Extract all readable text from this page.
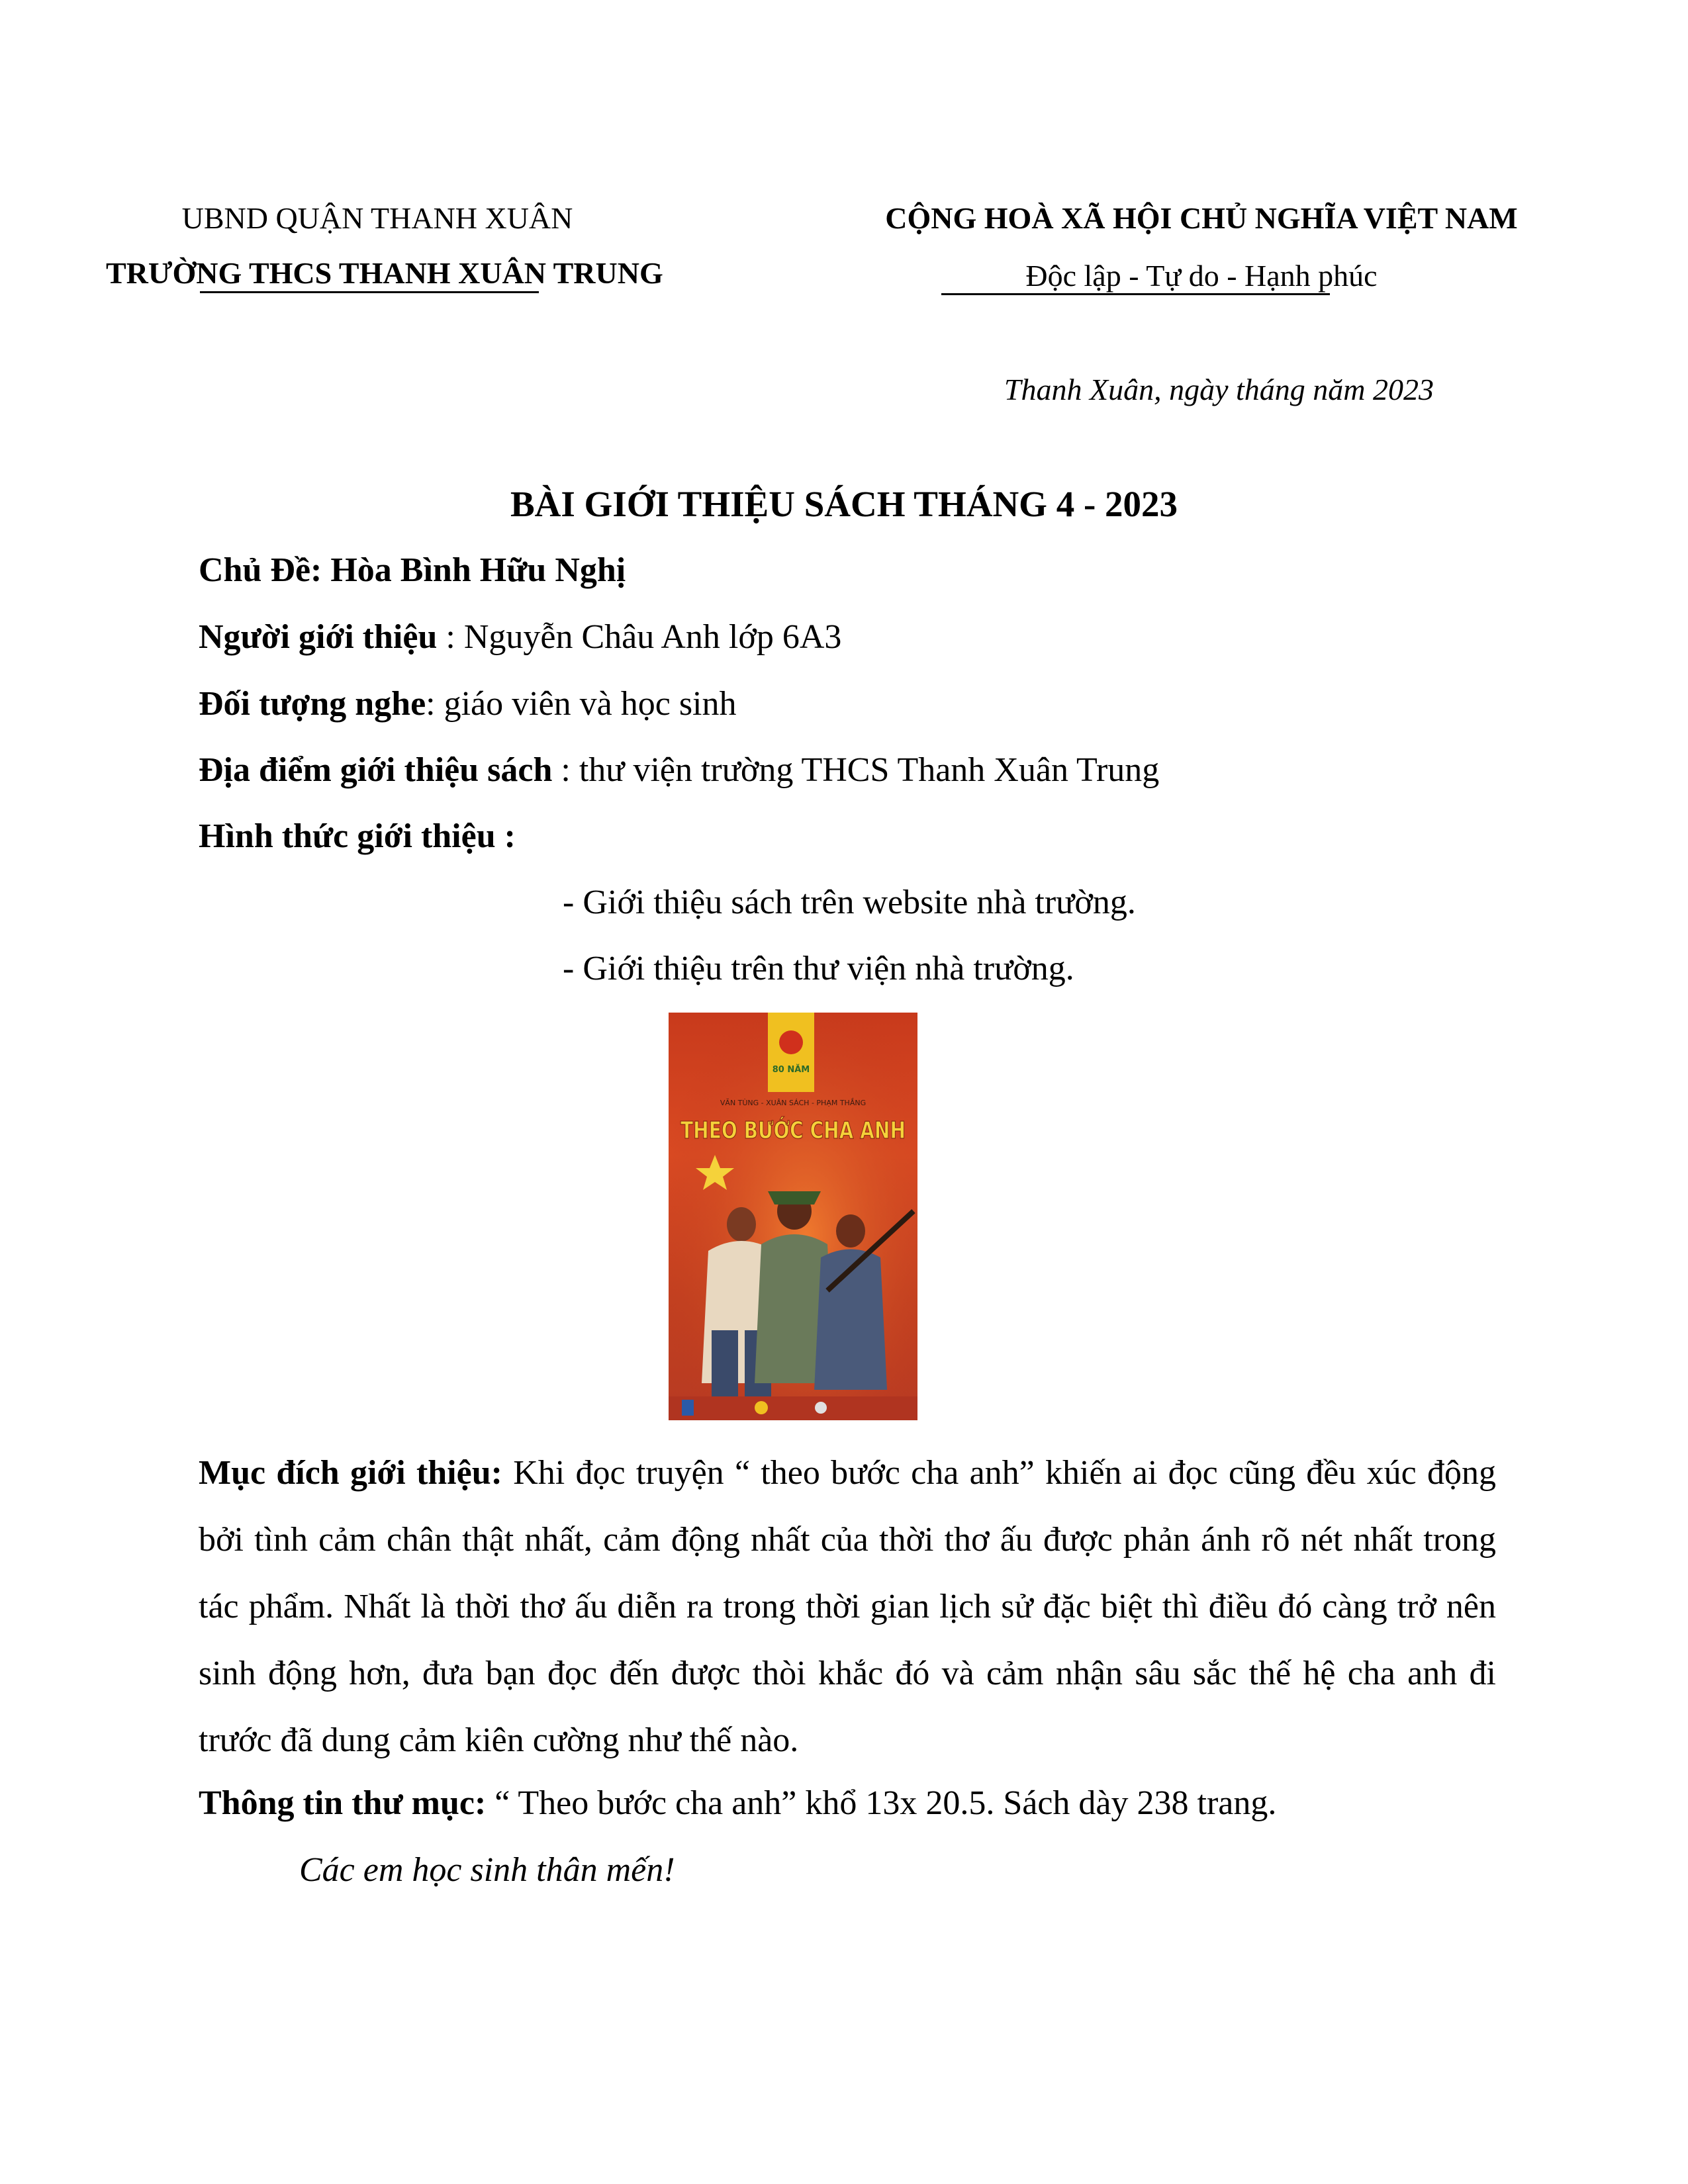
UBND QUẬN THANH XUÂN
TRƯỜNG THCS THANH XUÂN TRUNG
CỘNG HOÀ XÃ HỘI CHỦ NGHĨA VIỆT NAM
Độc lập - Tự do - Hạnh phúc
Thanh Xuân, ngày tháng năm 2023
BÀI GIỚI THIỆU SÁCH THÁNG 4 - 2023
Chủ Đề: Hòa Bình Hữu Nghị
Người giới thiệu : Nguyễn Châu Anh lớp 6A3
Đối tượng nghe: giáo viên và học sinh
Địa điểm giới thiệu sách : thư viện trường THCS Thanh Xuân Trung
Hình thức giới thiệu :
- Giới thiệu sách trên website nhà trường.
- Giới thiệu trên thư viện nhà trường.
80 NĂM
VĂN TÙNG - XUÂN SÁCH - PHẠM THẮNG
THEO BƯỚC CHA ANH
Mục đích giới thiệu: Khi đọc truyện “ theo bước cha anh” khiến ai đọc cũng đều xúc động bởi tình cảm chân thật nhất, cảm động nhất của thời thơ ấu được phản ánh rõ nét nhất trong tác phẩm. Nhất là thời thơ ấu diễn ra trong thời gian lịch sử đặc biệt thì điều đó càng trở nên sinh động hơn, đưa bạn đọc đến được thòi khắc đó và cảm nhận sâu sắc thế hệ cha anh đi trước đã dung cảm kiên cường như thế nào.
Thông tin thư mục: “ Theo bước cha anh” khổ 13x 20.5. Sách dày 238 trang.
Các em học sinh thân mến!
